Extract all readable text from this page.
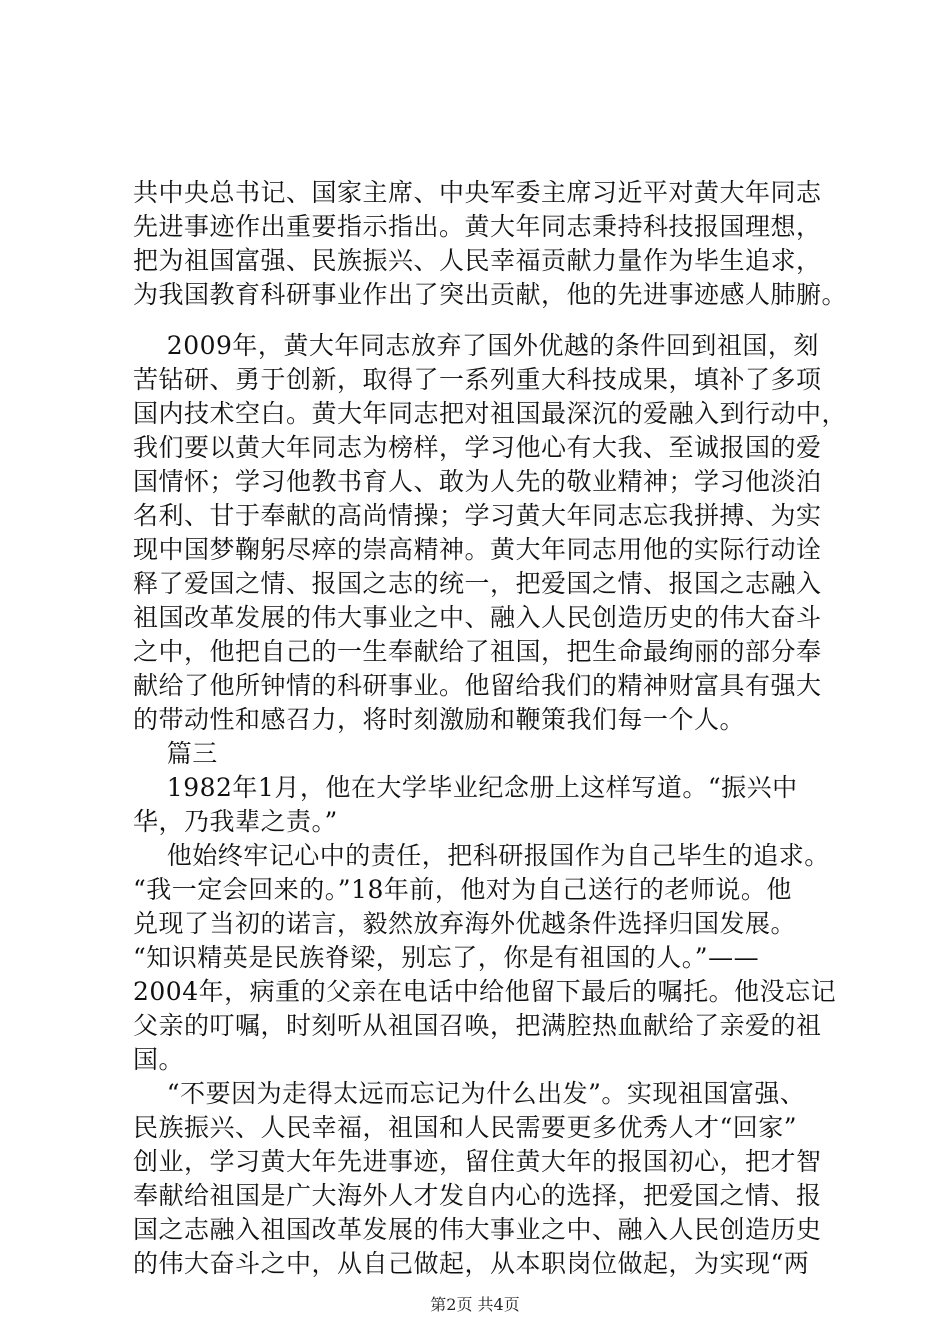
共中央总书记、国家主席、中央军委主席习近平对黄大年同志
先进事迹作出重要指示指出。黄大年同志秉持科技报国理想，
把为祖国富强、民族振兴、人民幸福贡献力量作为毕生追求，
为我国教育科研事业作出了突出贡献，他的先进事迹感人肺腑。
2009年，黄大年同志放弃了国外优越的条件回到祖国，刻
苦钻研、勇于创新，取得了一系列重大科技成果，填补了多项
国内技术空白。黄大年同志把对祖国最深沉的爱融入到行动中，
我们要以黄大年同志为榜样，学习他心有大我、至诚报国的爱
国情怀；学习他教书育人、敢为人先的敬业精神；学习他淡泊
名利、甘于奉献的高尚情操；学习黄大年同志忘我拼搏、为实
现中国梦鞠躬尽瘁的崇高精神。黄大年同志用他的实际行动诠
释了爱国之情、报国之志的统一，把爱国之情、报国之志融入
祖国改革发展的伟大事业之中、融入人民创造历史的伟大奋斗
之中，他把自己的一生奉献给了祖国，把生命最绚丽的部分奉
献给了他所钟情的科研事业。他留给我们的精神财富具有强大
的带动性和感召力，将时刻激励和鞭策我们每一个人。
篇三
1982年1月，他在大学毕业纪念册上这样写道。“振兴中
华，乃我辈之责。”
他始终牢记心中的责任，把科研报国作为自己毕生的追求。
“我一定会回来的。”18年前，他对为自己送行的老师说。他
兑现了当初的诺言，毅然放弃海外优越条件选择归国发展。
“知识精英是民族脊梁，别忘了，你是有祖国的人。”——
2004年，病重的父亲在电话中给他留下最后的嘱托。他没忘记
父亲的叮嘱，时刻听从祖国召唤，把满腔热血献给了亲爱的祖
国。
“不要因为走得太远而忘记为什么出发”。实现祖国富强、
民族振兴、人民幸福，祖国和人民需要更多优秀人才“回家”
创业，学习黄大年先进事迹，留住黄大年的报国初心，把才智
奉献给祖国是广大海外人才发自内心的选择，把爱国之情、报
国之志融入祖国改革发展的伟大事业之中、融入人民创造历史
的伟大奋斗之中，从自己做起，从本职岗位做起，为实现“两
第2页 共4页
